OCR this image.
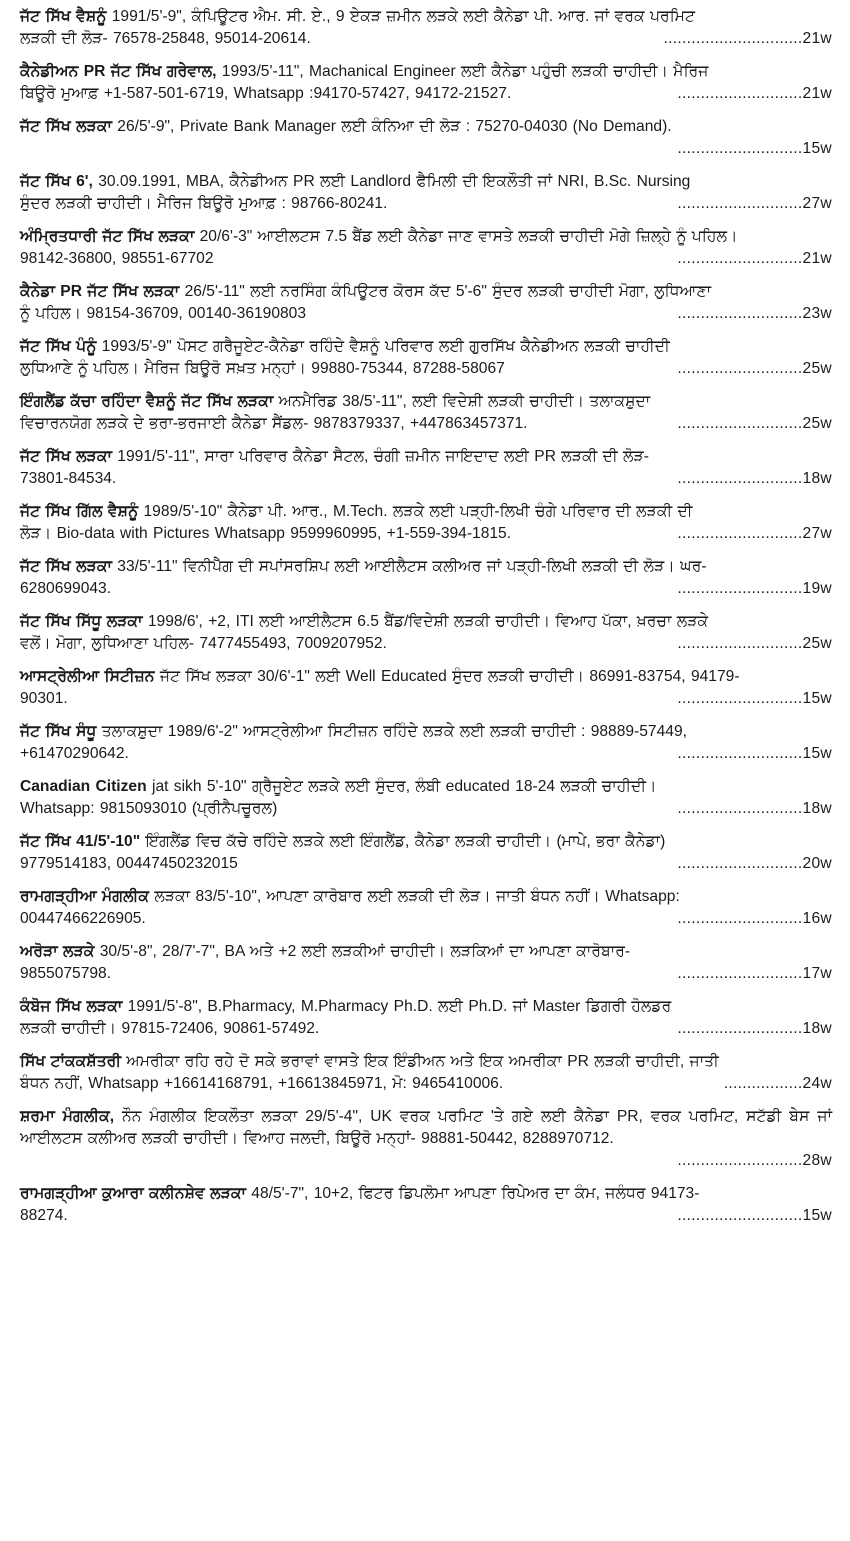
ਜੱਟ ਸਿੱਖ ਵੈਸ਼ਨੂੰ 1991/5'-9", ਕੰਪਿਊਟਰ ਐਮ. ਸੀ. ਏ., 9 ਏਕੜ ਜ਼ਮੀਨ ਲੜਕੇ ਲਈ ਕੈਨੇਡਾ ਪੀ. ਆਰ. ਜਾਂ ਵਰਕ ਪਰਮਿਟ
ਲੜਕੀ ਦੀ ਲੋੜ- 76578-25848, 95014-20614.	..............................21w
ਕੈਨੇਡੀਅਨ PR ਜੱਟ ਸਿੱਖ ਗਰੇਵਾਲ, 1993/5'-11", Machanical Engineer ਲਈ ਕੈਨੇਡਾ ਪਹੁੰਚੀ ਲੜਕੀ ਚਾਹੀਦੀ। ਮੈਰਿਜ
ਬਿਊਰੋ ਮੁਆਫ਼ +1-587-501-6719, Whatsapp :94170-57427, 94172-21527.	...........................21w
ਜੱਟ ਸਿੱਖ ਲੜਕਾ 26/5'-9", Private Bank Manager ਲਈ ਕੰਨਿਆ ਦੀ ਲੋੜ : 75270-04030 (No Demand).
...........................15w
ਜੱਟ ਸਿੱਖ 6', 30.09.1991, MBA, ਕੈਨੇਡੀਅਨ PR ਲਈ Landlord ਫੈਮਿਲੀ ਦੀ ਇਕਲੌਤੀ ਜਾਂ NRI, B.Sc. Nursing
ਸੁੰਦਰ ਲੜਕੀ ਚਾਹੀਦੀ। ਮੈਰਿਜ ਬਿਊਰੋ ਮੁਆਫ਼ : 98766-80241.	...........................27w
ਅੰਮ੍ਰਿਤਧਾਰੀ ਜੱਟ ਸਿੱਖ ਲੜਕਾ 20/6'-3" ਆਈਲਟਸ 7.5 ਬੈਂਡ ਲਈ ਕੈਨੇਡਾ ਜਾਣ ਵਾਸਤੇ ਲੜਕੀ ਚਾਹੀਦੀ ਮੋਗੇ ਜ਼ਿਲ੍ਹੇ ਨੂੰ ਪਹਿਲ।
98142-36800, 98551-67702	...........................21w
ਕੈਨੇਡਾ PR ਜੱਟ ਸਿੱਖ ਲੜਕਾ 26/5'-11" ਲਈ ਨਰਸਿੰਗ ਕੰਪਿਊਟਰ ਕੋਰਸ ਕੱਦ 5'-6" ਸੁੰਦਰ ਲੜਕੀ ਚਾਹੀਦੀ ਮੋਗਾ, ਲੁਧਿਆਣਾ
ਨੂੰ ਪਹਿਲ। 98154-36709, 00140-36190803	...........................23w
ਜੱਟ ਸਿੱਖ ਪੰਨੂੰ 1993/5'-9" ਪੋਸਟ ਗਰੈਜੂਏਟ-ਕੈਨੇਡਾ ਰਹਿੰਦੇ ਵੈਸ਼ਨੂੰ ਪਰਿਵਾਰ ਲਈ ਗੁਰਸਿੱਖ ਕੈਨੇਡੀਅਨ ਲੜਕੀ ਚਾਹੀਦੀ
ਲੁਧਿਆਣੇ ਨੂੰ ਪਹਿਲ। ਮੈਰਿਜ ਬਿਊਰੋ ਸਖ਼ਤ ਮਨ੍ਹਾਂ। 99880-75344, 87288-58067	...........................25w
ਇੰਗਲੈਂਡ ਕੱਚਾ ਰਹਿੰਦਾ ਵੈਸ਼ਨੂੰ ਜੱਟ ਸਿੱਖ ਲੜਕਾ ਅਨਮੈਰਿਡ 38/5'-11", ਲਈ ਵਿਦੇਸ਼ੀ ਲੜਕੀ ਚਾਹੀਦੀ। ਤਲਾਕਸ਼ੁਦਾ
ਵਿਚਾਰਨਯੋਗ ਲੜਕੇ ਦੇ ਭਰਾ-ਭਰਜਾਈ ਕੈਨੇਡਾ ਸੈਂਡਲ- 9878379337, +447863457371.	...........................25w
ਜੱਟ ਸਿੱਖ ਲੜਕਾ 1991/5'-11", ਸਾਰਾ ਪਰਿਵਾਰ ਕੈਨੇਡਾ ਸੈਟਲ, ਚੰਗੀ ਜ਼ਮੀਨ ਜਾਇਦਾਦ ਲਈ PR ਲੜਕੀ ਦੀ ਲੋੜ-
73801-84534.	...........................18w
ਜੱਟ ਸਿੱਖ ਗਿੱਲ ਵੈਸ਼ਨੂੰ 1989/5'-10" ਕੈਨੇਡਾ ਪੀ. ਆਰ., M.Tech. ਲੜਕੇ ਲਈ ਪੜ੍ਹੀ-ਲਿਖੀ ਚੰਗੇ ਪਰਿਵਾਰ ਦੀ ਲੜਕੀ ਦੀ
ਲੋੜ। Bio-data with Pictures Whatsapp 9599960995, +1-559-394-1815.	...........................27w
ਜੱਟ ਸਿੱਖ ਲੜਕਾ 33/5'-11" ਵਿਨੀਪੈੱਗ ਦੀ ਸਪਾਂਸਰਸ਼ਿਪ ਲਈ ਆਈਲੈਟਸ ਕਲੀਅਰ ਜਾਂ ਪੜ੍ਹੀ-ਲਿਖੀ ਲੜਕੀ ਦੀ ਲੋੜ। ਘਰ-
6280699043.	...........................19w
ਜੱਟ ਸਿੱਖ ਸਿੱਧੂ ਲੜਕਾ 1998/6', +2, ITI ਲਈ ਆਈਲੈਟਸ 6.5 ਬੈਂਡ/ਵਿਦੇਸ਼ੀ ਲੜਕੀ ਚਾਹੀਦੀ। ਵਿਆਹ ਪੱਕਾ, ਖ਼ਰਚਾ ਲੜਕੇ
ਵਲੋਂ। ਮੋਗਾ, ਲੁਧਿਆਣਾ ਪਹਿਲ- 7477455493, 7009207952.	...........................25w
ਆਸਟ੍ਰੇਲੀਆ ਸਿਟੀਜ਼ਨ ਜੱਟ ਸਿੱਖ ਲੜਕਾ 30/6'-1" ਲਈ Well Educated ਸੁੰਦਰ ਲੜਕੀ ਚਾਹੀਦੀ। 86991-83754, 94179-
90301.	...........................15w
ਜੱਟ ਸਿੱਖ ਸੰਧੂ ਤਲਾਕਸ਼ੁਦਾ 1989/6'-2" ਆਸਟ੍ਰੇਲੀਆ ਸਿਟੀਜ਼ਨ ਰਹਿੰਦੇ ਲੜਕੇ ਲਈ ਲੜਕੀ ਚਾਹੀਦੀ : 98889-57449,
+61470290642.	...........................15w
Canadian Citizen jat sikh 5'-10" ਗ੍ਰੈਜੂਏਟ ਲੜਕੇ ਲਈ ਸੁੰਦਰ, ਲੰਬੀ educated 18-24 ਲੜਕੀ ਚਾਹੀਦੀ।
Whatsapp: 9815093010 (ਪ੍ਰੀਨੈਪਚੂਰਲ)	...........................18w
ਜੱਟ ਸਿੱਖ 41/5'-10" ਇੰਗਲੈਂਡ ਵਿਚ ਕੱਚੇ ਰਹਿੰਦੇ ਲੜਕੇ ਲਈ ਇੰਗਲੈਂਡ, ਕੈਨੇਡਾ ਲੜਕੀ ਚਾਹੀਦੀ। (ਮਾਪੇ, ਭਰਾ ਕੈਨੇਡਾ)
9779514183, 00447450232015	...........................20w
ਰਾਮਗੜ੍ਹੀਆ ਮੰਗਲੀਕ ਲੜਕਾ 83/5'-10", ਆਪਣਾ ਕਾਰੋਬਾਰ ਲਈ ਲੜਕੀ ਦੀ ਲੋੜ। ਜਾਤੀ ਬੰਧਨ ਨਹੀਂ। Whatsapp:
00447466226905.	...........................16w
ਅਰੋੜਾ ਲੜਕੇ 30/5'-8", 28/7'-7", BA ਅਤੇ +2 ਲਈ ਲੜਕੀਆਂ ਚਾਹੀਦੀ। ਲੜਕਿਆਂ ਦਾ ਆਪਣਾ ਕਾਰੋਬਾਰ-
9855075798.	...........................17w
ਕੰਬੋਜ ਸਿੱਖ ਲੜਕਾ 1991/5'-8", B.Pharmacy, M.Pharmacy Ph.D. ਲਈ Ph.D. ਜਾਂ Master ਡਿਗਰੀ ਹੋਲਡਰ
ਲੜਕੀ ਚਾਹੀਦੀ। 97815-72406, 90861-57492.	...........................18w
ਸਿੱਖ ਟਾਂਕਕਸ਼ੱਤਰੀ ਅਮਰੀਕਾ ਰਹਿ ਰਹੇ ਦੋ ਸਕੇ ਭਰਾਵਾਂ ਵਾਸਤੇ ਇਕ ਇੰਡੀਅਨ ਅਤੇ ਇਕ ਅਮਰੀਕਾ PR ਲੜਕੀ ਚਾਹੀਦੀ, ਜਾਤੀ
ਬੰਧਨ ਨਹੀਂ, Whatsapp +16614168791, +16613845971, ਮੋ: 9465410006.	.................24w
ਸ਼ਰਮਾ ਮੰਗਲੀਕ, ਨੌਨ ਮੰਗਲੀਕ ਇਕਲੌਤਾ ਲੜਕਾ 29/5'-4", UK ਵਰਕ ਪਰਮਿਟ 'ਤੇ ਗਏ ਲਈ ਕੈਨੇਡਾ PR, ਵਰਕ ਪਰਮਿਟ, ਸਟੱਡੀ ਬੇਸ ਜਾਂ ਆਈਲਟਸ ਕਲੀਅਰ ਲੜਕੀ ਚਾਹੀਦੀ। ਵਿਆਹ ਜਲਦੀ, ਬਿਊਰੋ ਮਨ੍ਹਾਂ- 98881-50442, 8288970712.
...........................28w
ਰਾਮਗੜ੍ਹੀਆ ਕੁਆਰਾ ਕਲੀਨਸ਼ੇਵ ਲੜਕਾ 48/5'-7", 10+2, ਫਿਟਰ ਡਿਪਲੋਮਾ ਆਪਣਾ ਰਿਪੇਅਰ ਦਾ ਕੰਮ, ਜਲੰਧਰ 94173-
88274.	...........................15w
